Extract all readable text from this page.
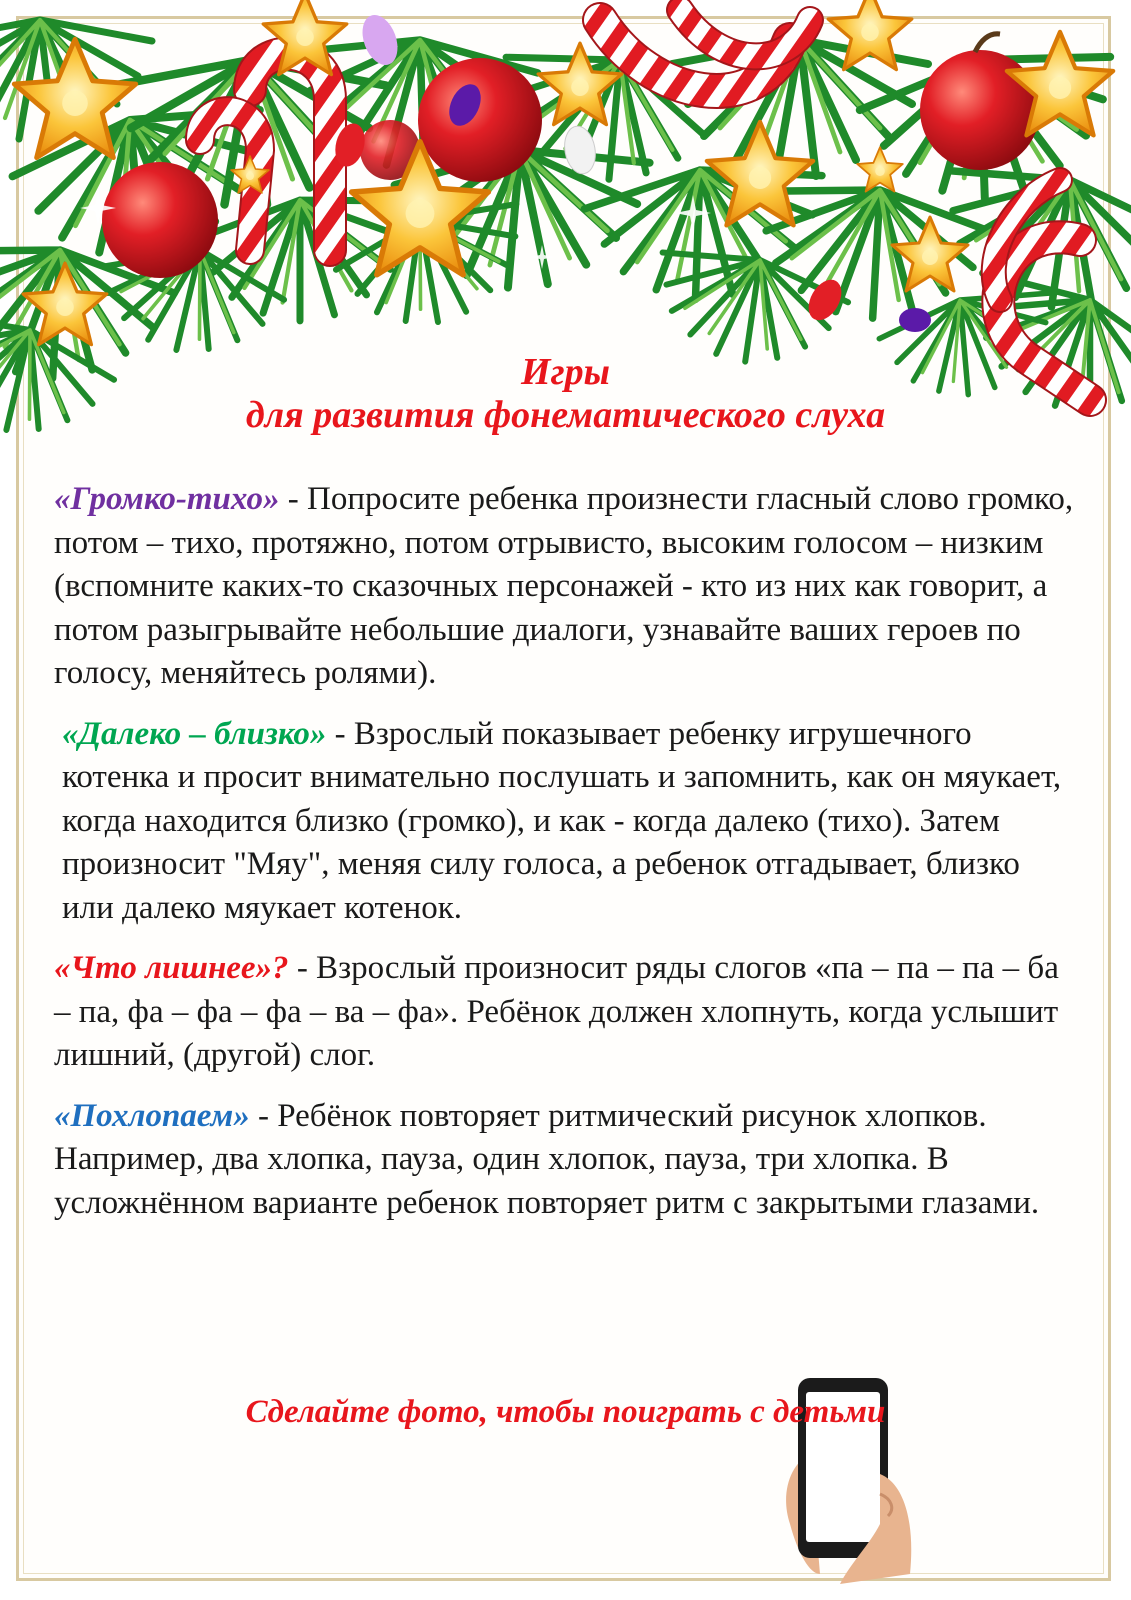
Игры
для развития фонематического слуха

«Громко-тихо» - Попросите ребенка произнести гласный слово громко, потом – тихо, протяжно, потом отрывисто, высоким голосом – низким (вспомните каких-то сказочных персонажей - кто из них как говорит, а потом разыгрывайте небольшие диалоги, узнавайте ваших героев по голосу, меняйтесь ролями).

«Далеко – близко» - Взрослый показывает ребенку игрушечного котенка и просит внимательно послушать и запомнить, как он мяукает, когда находится близко (громко), и как - когда далеко (тихо). Затем произносит "Мяу", меняя силу голоса, а ребенок отгадывает, близко или далеко мяукает котенок.

«Что лишнее»? - Взрослый произносит ряды слогов «па – па – па – ба – па, фа – фа – фа – ва – фа». Ребёнок должен хлопнуть, когда услышит лишний, (другой) слог.

«Похлопаем» - Ребёнок повторяет ритмический рисунок хлопков. Например, два хлопка, пауза, один хлопок, пауза, три хлопка. В усложнённом варианте ребенок повторяет ритм с закрытыми глазами.

Сделайте фото, чтобы поиграть с детьми
